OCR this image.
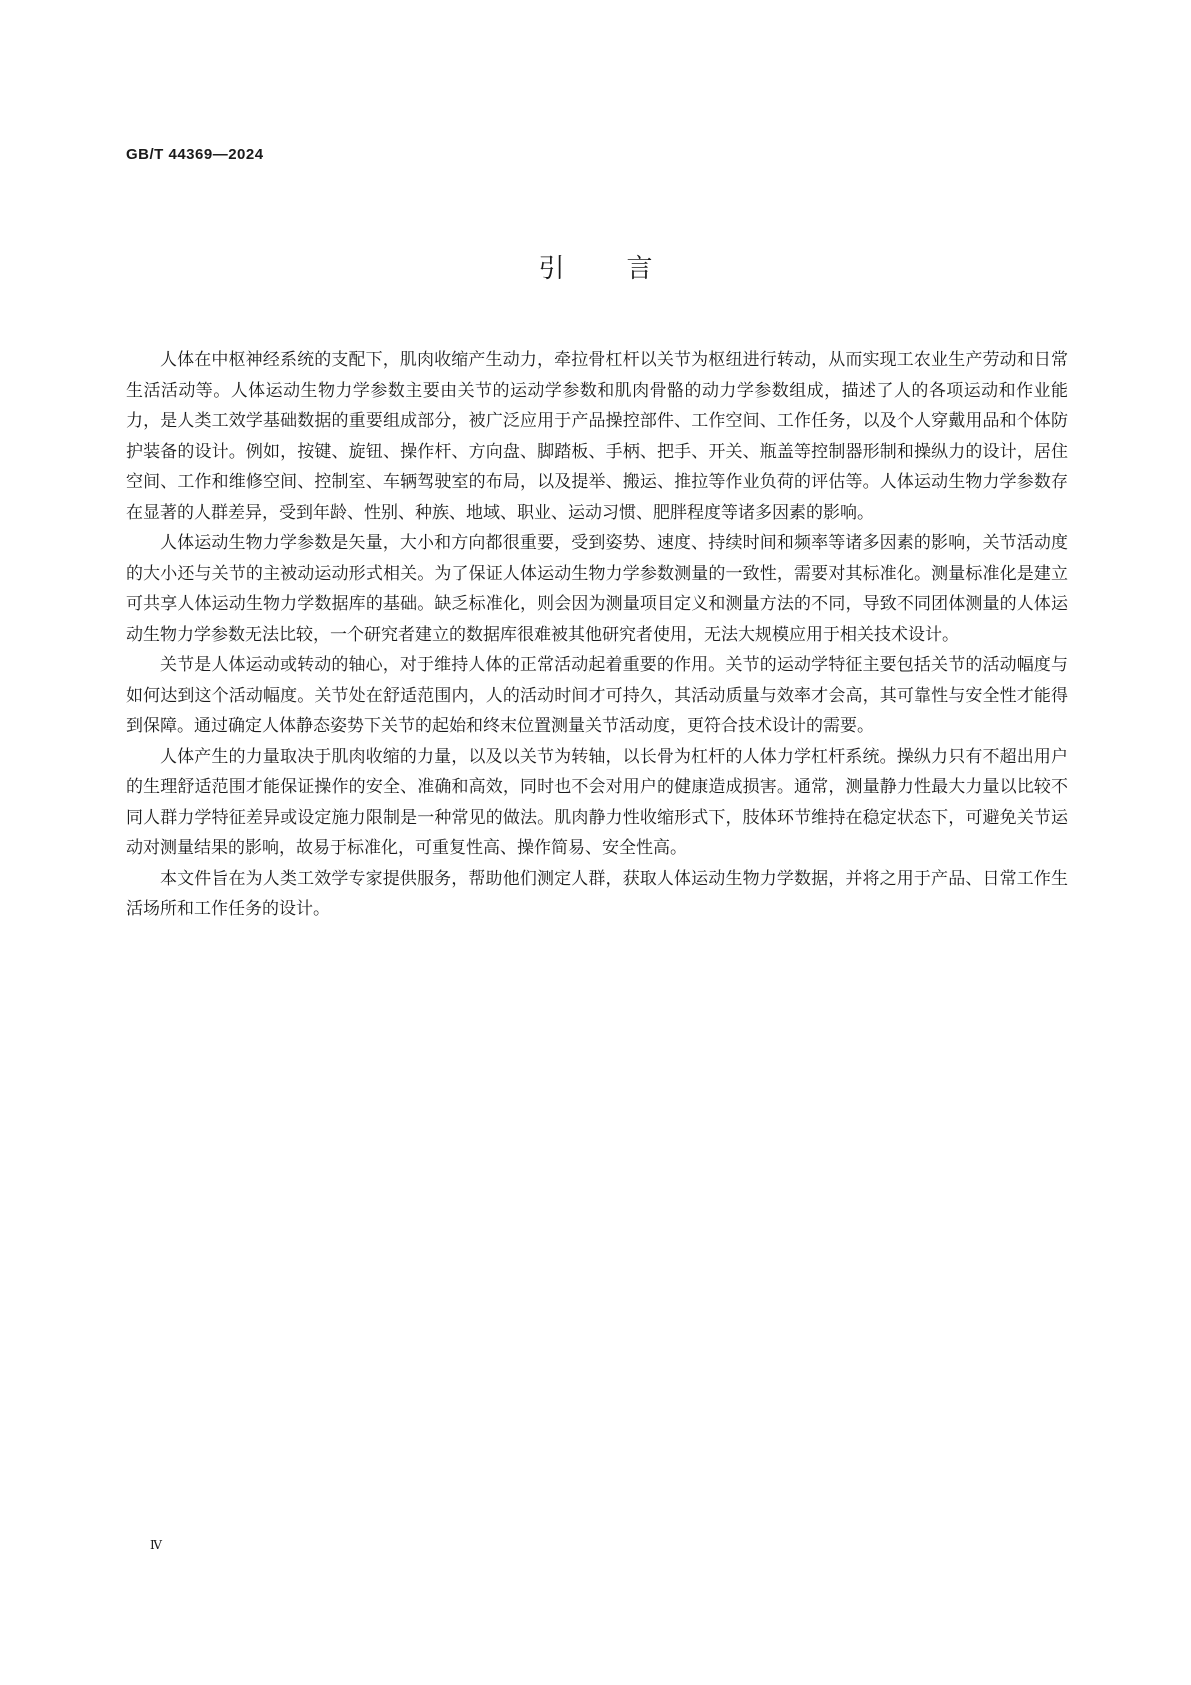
GB/T 44369—2024
引言

人体在中枢神经系统的支配下，肌肉收缩产生动力，牵拉骨杠杆以关节为枢纽进行转动，从而实现工农业生产劳动和日常生活活动等。人体运动生物力学参数主要由关节的运动学参数和肌肉骨骼的动力学参数组成，描述了人的各项运动和作业能力，是人类工效学基础数据的重要组成部分，被广泛应用于产品操控部件、工作空间、工作任务，以及个人穿戴用品和个体防护装备的设计。例如，按键、旋钮、操作杆、方向盘、脚踏板、手柄、把手、开关、瓶盖等控制器形制和操纵力的设计，居住空间、工作和维修空间、控制室、车辆驾驶室的布局，以及提举、搬运、推拉等作业负荷的评估等。人体运动生物力学参数存在显著的人群差异，受到年龄、性别、种族、地域、职业、运动习惯、肥胖程度等诸多因素的影响。

人体运动生物力学参数是矢量，大小和方向都很重要，受到姿势、速度、持续时间和频率等诸多因素的影响，关节活动度的大小还与关节的主被动运动形式相关。为了保证人体运动生物力学参数测量的一致性，需要对其标准化。测量标准化是建立可共享人体运动生物力学数据库的基础。缺乏标准化，则会因为测量项目定义和测量方法的不同，导致不同团体测量的人体运动生物力学参数无法比较，一个研究者建立的数据库很难被其他研究者使用，无法大规模应用于相关技术设计。

关节是人体运动或转动的轴心，对于维持人体的正常活动起着重要的作用。关节的运动学特征主要包括关节的活动幅度与如何达到这个活动幅度。关节处在舒适范围内，人的活动时间才可持久，其活动质量与效率才会高，其可靠性与安全性才能得到保障。通过确定人体静态姿势下关节的起始和终末位置测量关节活动度，更符合技术设计的需要。

人体产生的力量取决于肌肉收缩的力量，以及以关节为转轴，以长骨为杠杆的人体力学杠杆系统。操纵力只有不超出用户的生理舒适范围才能保证操作的安全、准确和高效，同时也不会对用户的健康造成损害。通常，测量静力性最大力量以比较不同人群力学特征差异或设定施力限制是一种常见的做法。肌肉静力性收缩形式下，肢体环节维持在稳定状态下，可避免关节运动对测量结果的影响，故易于标准化，可重复性高、操作简易、安全性高。

本文件旨在为人类工效学专家提供服务，帮助他们测定人群，获取人体运动生物力学数据，并将之用于产品、日常工作生活场所和工作任务的设计。

Ⅳ
